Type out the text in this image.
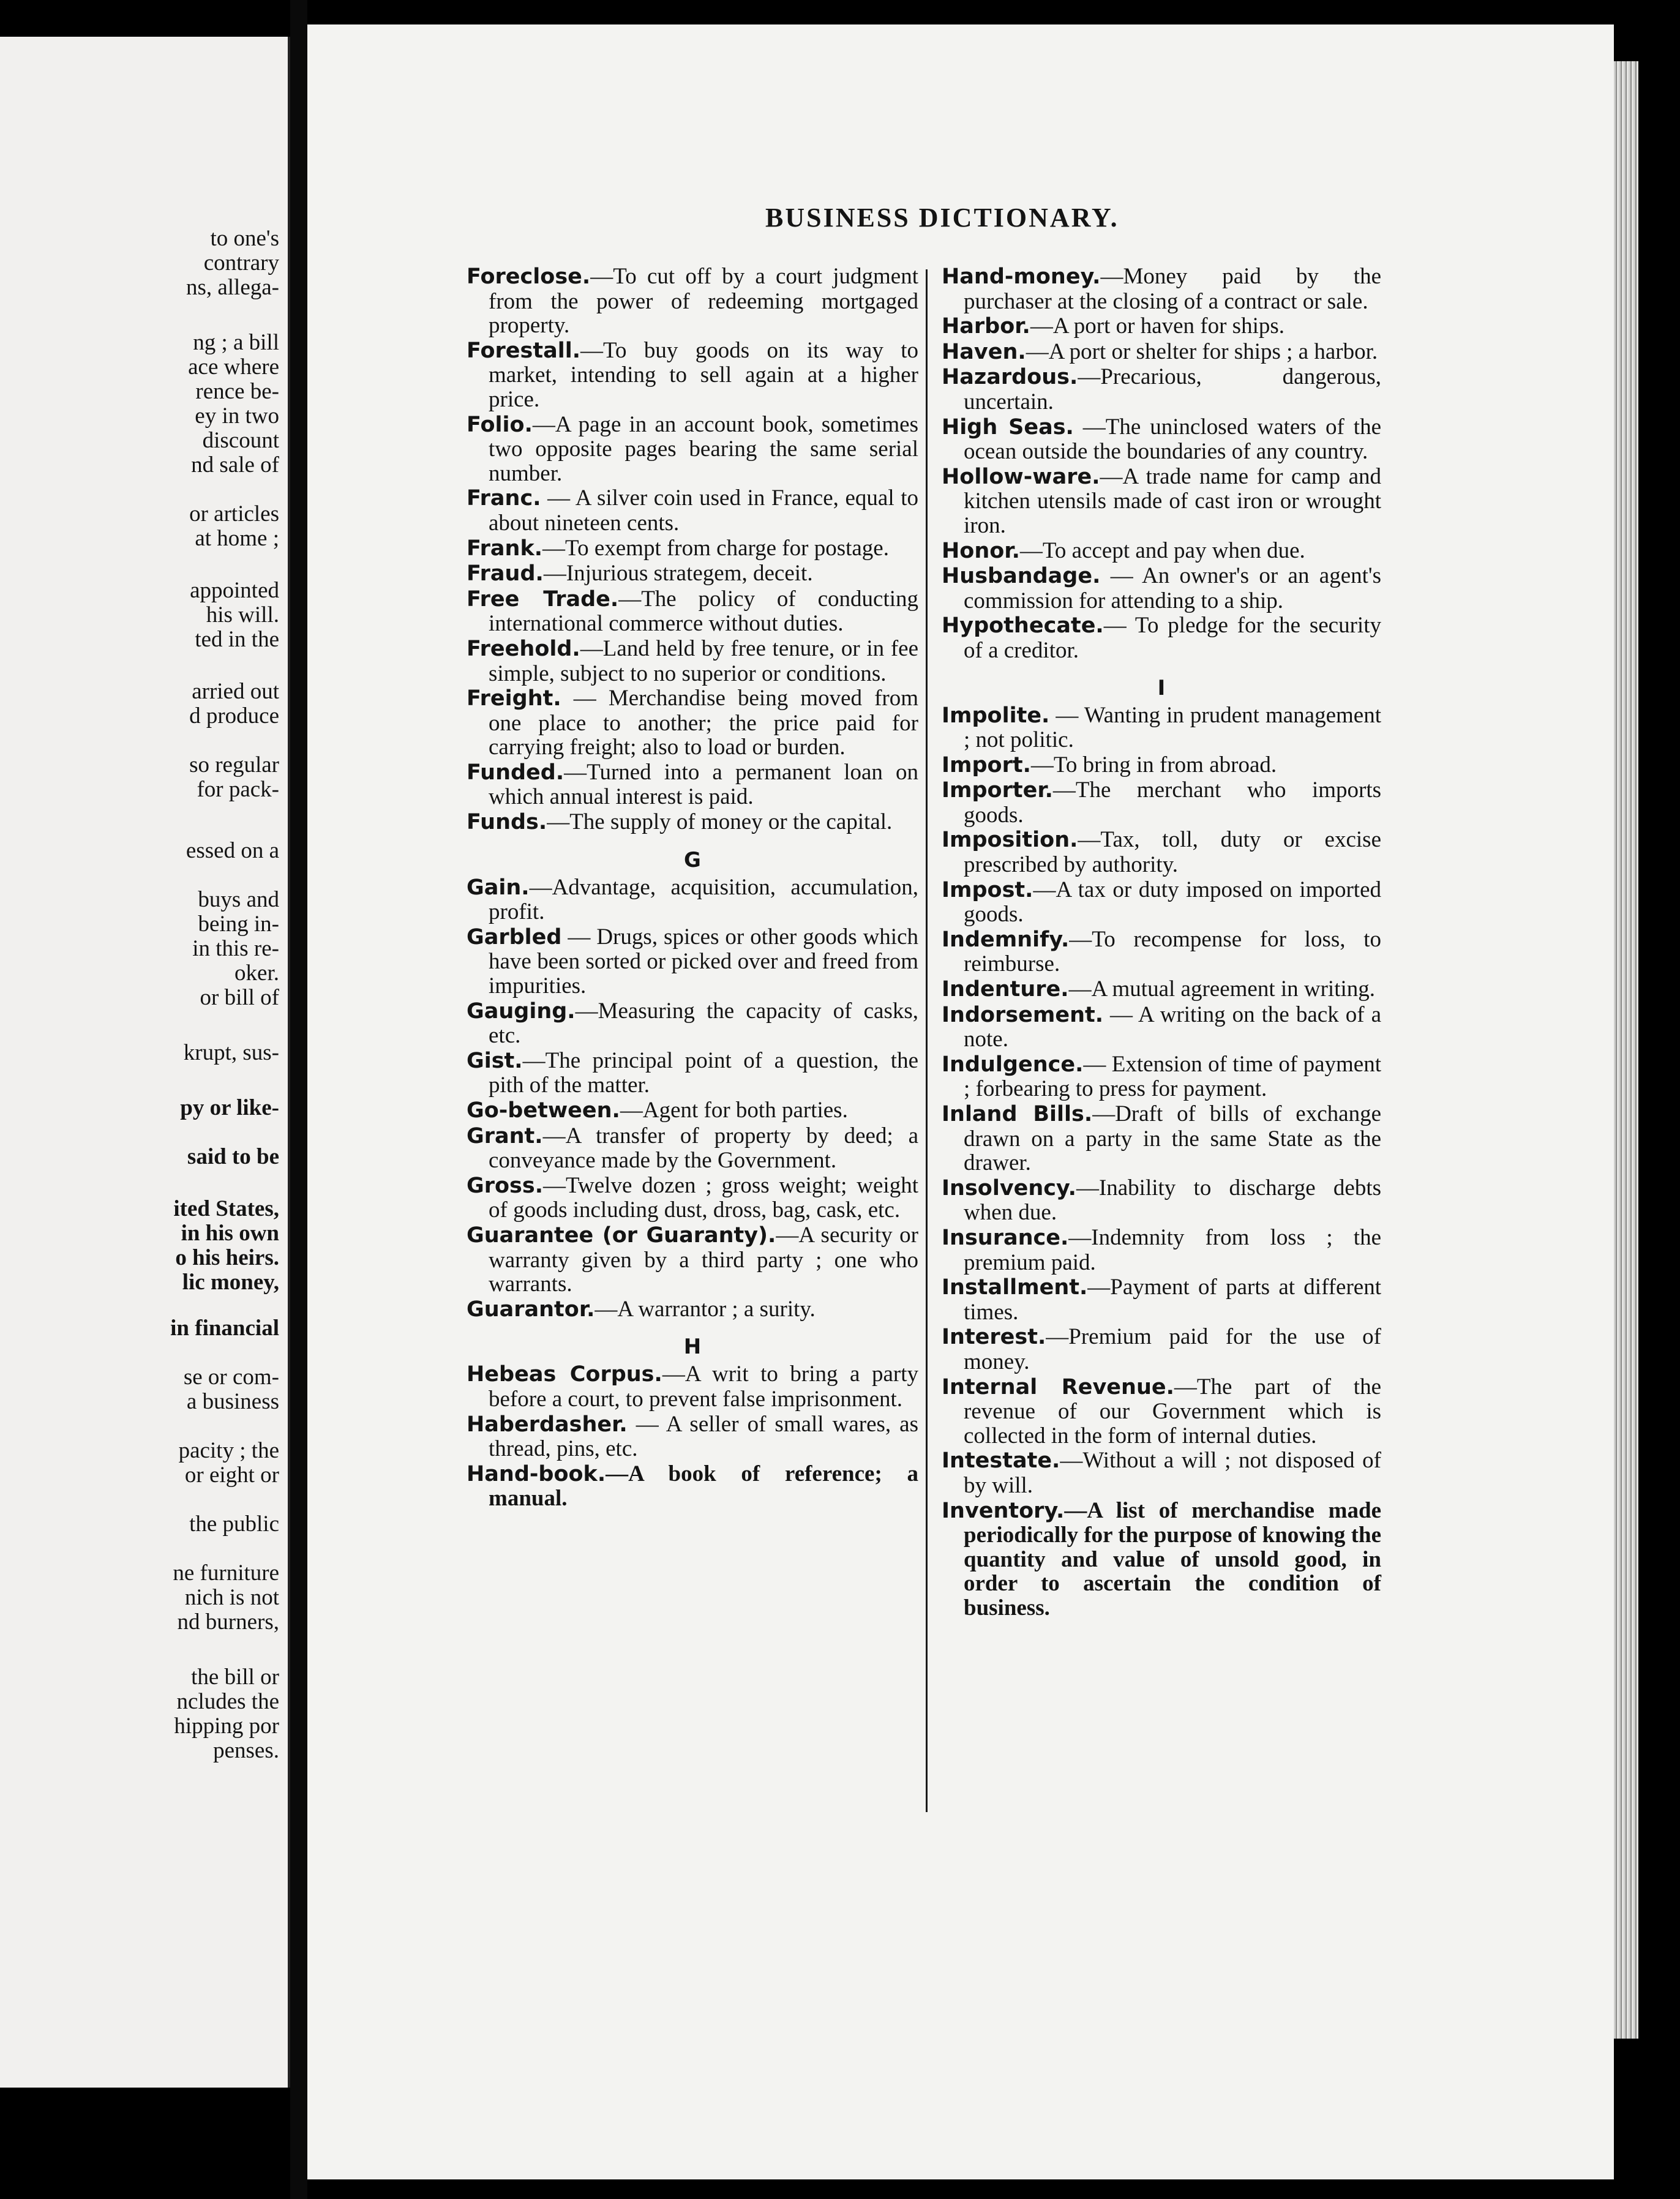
to one's
contrary
ns, allega-
ng ; a bill
ace where
rence be-
ey in two
discount
nd sale of
or articles
at home ;
appointed
his will.
ted in the
arried out
d produce
so regular
for pack-
essed on a
buys and
being in-
in this re-
oker.
or bill of
krupt, sus-
py or like-
said to be
ited States,
in his own
o his heirs.
lic money,
in financial
se or com-
a business
pacity ; the
or eight or
the public
ne furniture
nich is not
nd burners,
the bill or
ncludes the
hipping por
penses.
BUSINESS DICTIONARY.
Foreclose.—To cut off by a court judgment from the power of redeeming mortgaged property.
Forestall.—To buy goods on its way to market, intending to sell again at a higher price.
Folio.—A page in an account book, sometimes two opposite pages bearing the same serial number.
Franc. — A silver coin used in France, equal to about nineteen cents.
Frank.—To exempt from charge for postage.
Fraud.—Injurious strategem, deceit.
Free Trade.—The policy of conducting international commerce without duties.
Freehold.—Land held by free tenure, or in fee simple, subject to no superior or conditions.
Freight. — Merchandise being moved from one place to another; the price paid for carrying freight; also to load or burden.
Funded.—Turned into a permanent loan on which annual interest is paid.
Funds.—The supply of money or the capital.
G
Gain.—Advantage, acquisition, accumulation, profit.
Garbled — Drugs, spices or other goods which have been sorted or picked over and freed from impurities.
Gauging.—Measuring the capacity of casks, etc.
Gist.—The principal point of a question, the pith of the matter.
Go-between.—Agent for both parties.
Grant.—A transfer of property by deed; a conveyance made by the Government.
Gross.—Twelve dozen ; gross weight; weight of goods including dust, dross, bag, cask, etc.
Guarantee (or Guaranty).—A security or warranty given by a third party ; one who warrants.
Guarantor.—A warrantor ; a surity.
H
Hebeas Corpus.—A writ to bring a party before a court, to prevent false imprisonment.
Haberdasher. — A seller of small wares, as thread, pins, etc.
Hand-book.—A book of reference; a manual.
Hand-money.—Money paid by the purchaser at the closing of a contract or sale.
Harbor.—A port or haven for ships.
Haven.—A port or shelter for ships ; a harbor.
Hazardous.—Precarious, dangerous, uncertain.
High Seas. —The uninclosed waters of the ocean outside the boundaries of any country.
Hollow-ware.—A trade name for camp and kitchen utensils made of cast iron or wrought iron.
Honor.—To accept and pay when due.
Husbandage. — An owner's or an agent's commission for attending to a ship.
Hypothecate.— To pledge for the security of a creditor.
I
Impolite. — Wanting in prudent management ; not politic.
Import.—To bring in from abroad.
Importer.—The merchant who imports goods.
Imposition.—Tax, toll, duty or excise prescribed by authority.
Impost.—A tax or duty imposed on imported goods.
Indemnify.—To recompense for loss, to reimburse.
Indenture.—A mutual agreement in writing.
Indorsement. — A writing on the back of a note.
Indulgence.— Extension of time of payment ; forbearing to press for payment.
Inland Bills.—Draft of bills of exchange drawn on a party in the same State as the drawer.
Insolvency.—Inability to discharge debts when due.
Insurance.—Indemnity from loss ; the premium paid.
Installment.—Payment of parts at different times.
Interest.—Premium paid for the use of money.
Internal Revenue.—The part of the revenue of our Government which is collected in the form of internal duties.
Intestate.—Without a will ; not disposed of by will.
Inventory.—A list of merchandise made periodically for the purpose of knowing the quantity and value of unsold good, in order to ascertain the condition of business.
